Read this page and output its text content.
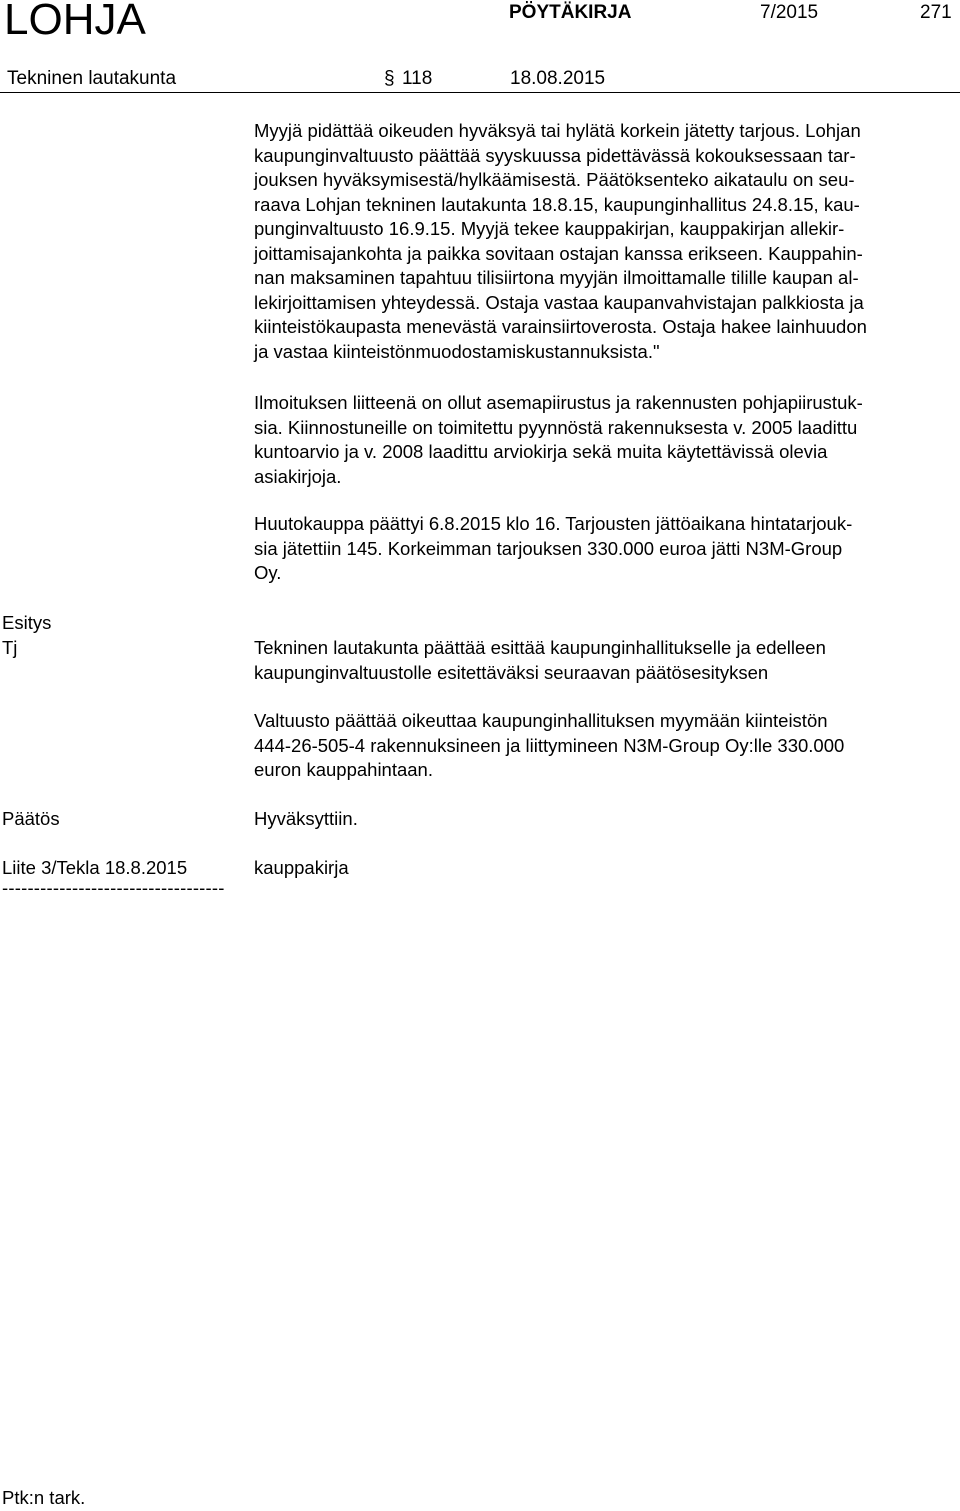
LOHJA	PÖYTÄKIRJA	7/2015	271
Tekninen lautakunta	§ 118	18.08.2015
Myyjä pidättää oikeuden hyväksyä tai hylätä korkein jätetty tarjous. Lohjan
kaupunginvaltuusto päättää syyskuussa pidettävässä kokouksessaan tar-
jouksen hyväksymisestä/hylkäämisestä. Päätöksenteko aikataulu on seu-
raava Lohjan tekninen lautakunta 18.8.15, kaupunginhallitus 24.8.15, kau-
punginvaltuusto 16.9.15. Myyjä tekee kauppakirjan, kauppakirjan allekir-
joittamisajankohta ja paikka sovitaan ostajan kanssa erikseen. Kauppahin-
nan maksaminen tapahtuu tilisiirtona myyjän ilmoittamalle tilille kaupan al-
lekirjoittamisen yhteydessä. Ostaja vastaa kaupanvahvistajan palkkiosta ja
kiinteistökaupasta menevästä varainsiirtoverosta. Ostaja hakee lainhuudon
ja vastaa kiinteistönmuodostamiskustannuksista."
Ilmoituksen liitteenä on ollut asemapiirustus ja rakennusten pohjapiirustuk-
sia. Kiinnostuneille on toimitettu pyynnöstä rakennuksesta v. 2005 laadittu
kuntoarvio ja v. 2008 laadittu arviokirja sekä muita käytettävissä olevia
asiakirjoja.
Huutokauppa päättyi 6.8.2015 klo 16. Tarjousten jättöaikana hintatarjouk-
sia jätettiin 145. Korkeimman tarjouksen 330.000 euroa jätti N3M-Group
Oy.
Esitys
Tj	Tekninen lautakunta päättää esittää kaupunginhallitukselle ja edelleen
kaupunginvaltuustolle esitettäväksi seuraavan päätösesityksen
Valtuusto päättää oikeuttaa kaupunginhallituksen myymään kiinteistön
444-26-505-4 rakennuksineen ja liittymineen N3M-Group Oy:lle 330.000
euron kauppahintaan.
Päätös	Hyväksyttiin.
Liite 3/Tekla 18.8.2015	kauppakirja
-----------------------------------
Ptk:n tark.
